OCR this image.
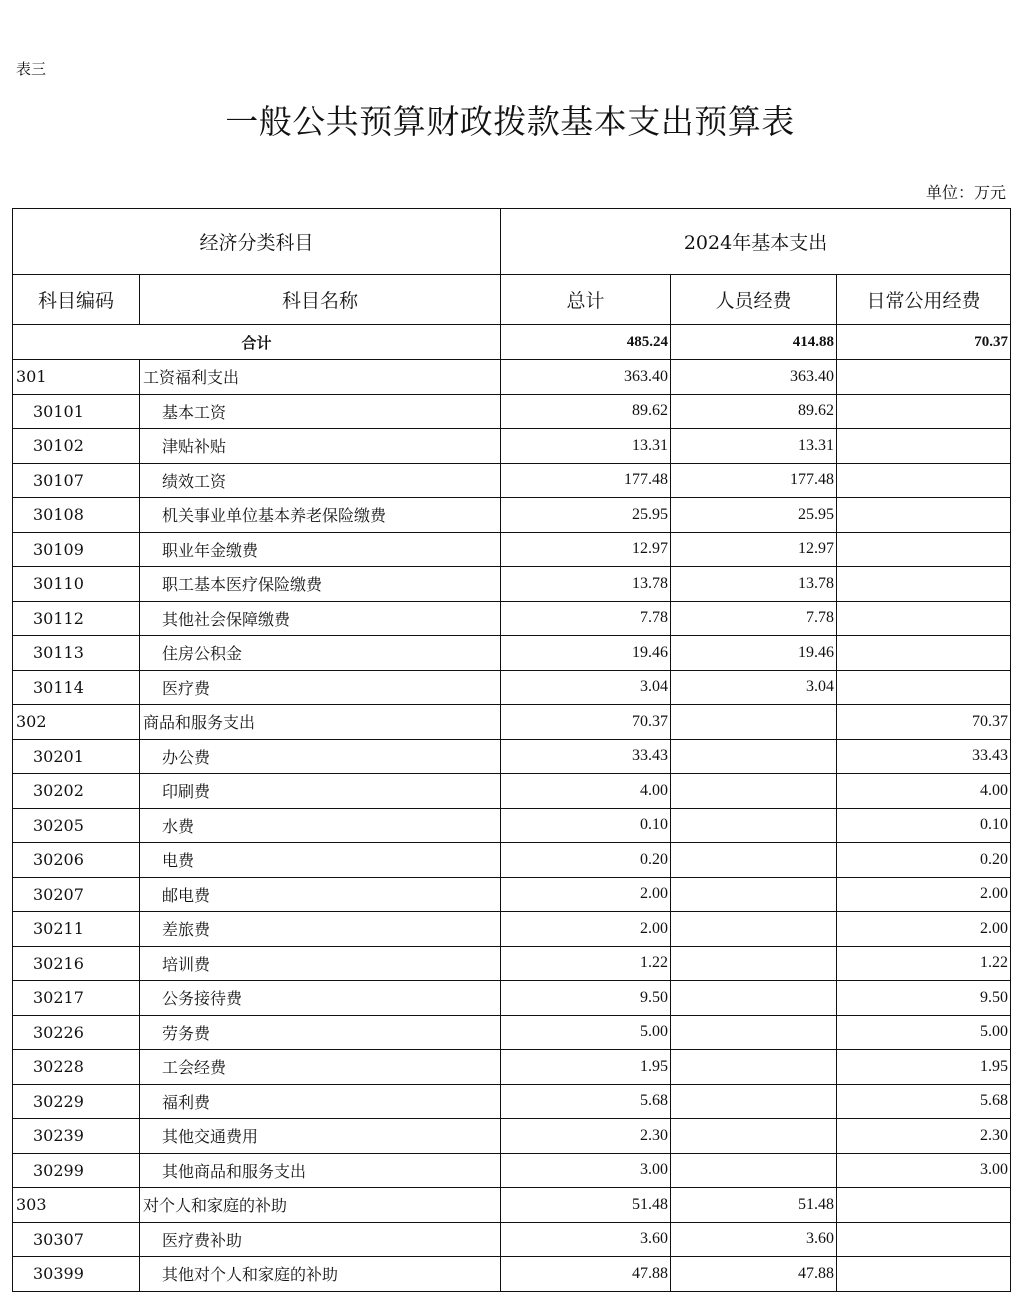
表三
一般公共预算财政拨款基本支出预算表
单位：万元
经济分类科目		2024年基本支出		
科目编码	科目名称	总计	人员经费	日常公用经费
合计		485.24	414.88	70.37
301	工资福利支出	363.40	363.40	
30101	基本工资	89.62	89.62	
30102	津贴补贴	13.31	13.31	
30107	绩效工资	177.48	177.48	
30108	机关事业单位基本养老保险缴费	25.95	25.95	
30109	职业年金缴费	12.97	12.97	
30110	职工基本医疗保险缴费	13.78	13.78	
30112	其他社会保障缴费	7.78	7.78	
30113	住房公积金	19.46	19.46	
30114	医疗费	3.04	3.04	
302	商品和服务支出	70.37		70.37
30201	办公费	33.43		33.43
30202	印刷费	4.00		4.00
30205	水费	0.10		0.10
30206	电费	0.20		0.20
30207	邮电费	2.00		2.00
30211	差旅费	2.00		2.00
30216	培训费	1.22		1.22
30217	公务接待费	9.50		9.50
30226	劳务费	5.00		5.00
30228	工会经费	1.95		1.95
30229	福利费	5.68		5.68
30239	其他交通费用	2.30		2.30
30299	其他商品和服务支出	3.00		3.00
303	对个人和家庭的补助	51.48	51.48	
30307	医疗费补助	3.60	3.60	
30399	其他对个人和家庭的补助	47.88	47.88	
